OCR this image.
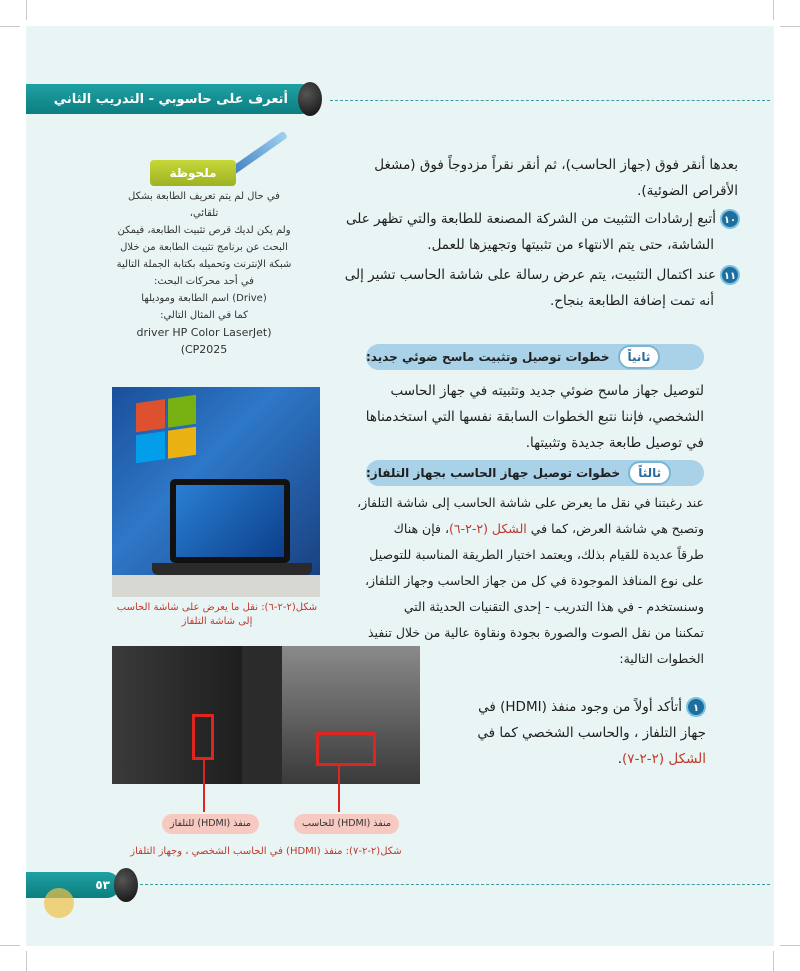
أتعرف على حاسوبي - التدريب الثاني
بعدها أنقر فوق (جهاز الحاسب)، ثم أنقر نقراً مزدوجاً فوق (مشغل
الأقراص الضوئية).
١٠أتبع إرشادات التثبيت من الشركة المصنعة للطابعة والتي تظهر على
الشاشة، حتى يتم الانتهاء من تثبيتها وتجهيزها للعمل.
١١عند اكتمال التثبيت، يتم عرض رسالة على شاشة الحاسب تشير إلى
أنه تمت إضافة الطابعة بنجاح.
ملحوظة
في حال لم يتم تعريف الطابعة بشكل تلقائي،
ولم يكن لديك قرص تثبيت الطابعة، فيمكن
البحث عن برنامج تثبيت الطابعة من خلال
شبكة الإنترنت وتحميله بكتابة الجملة التالية
في أحد محركات البحث:
(Drive) اسم الطابعة وموديلها
كما في المثال التالي:
(driver HP Color LaserJet CP2025)
ثانياً
خطوات توصيل وتثبيت ماسح ضوئي جديد:
لتوصيل جهاز ماسح ضوئي جديد وتثبيته في جهاز الحاسب
الشخصي، فإننا نتبع الخطوات السابقة نفسها التي استخدمناها
في توصيل طابعة جديدة وتثبيتها.
شكل(٢-٢-٦): نقل ما يعرض على شاشة الحاسب
إلى شاشة التلفاز
ثالثاً
خطوات توصيل جهاز الحاسب بجهاز التلفاز:
عند رغبتنا في نقل ما يعرض على شاشة الحاسب إلى شاشة التلفاز،
وتصبح هي شاشة العرض، كما في الشكل (٢-٢-٦)، فإن هناك
طرقاً عديدة للقيام بذلك، ويعتمد اختيار الطريقة المناسبة للتوصيل
على نوع المنافذ الموجودة في كل من جهاز الحاسب وجهاز التلفاز،
وسنستخدم - في هذا التدريب - إحدى التقنيات الحديثة التي
تمكننا من نقل الصوت والصورة بجودة ونقاوة عالية من خلال تنفيذ
الخطوات التالية:
منفذ (HDMI) للتلفاز	منفذ (HDMI) للحاسب
شكل(٢-٢-٧): منفذ (HDMI) في الحاسب الشخصي ، وجهاز التلفاز
١أتأكد أولاً من وجود منفذ (HDMI) في
جهاز التلفاز ، والحاسب الشخصي كما في
الشكل (٢-٢-٧).
٥٣
